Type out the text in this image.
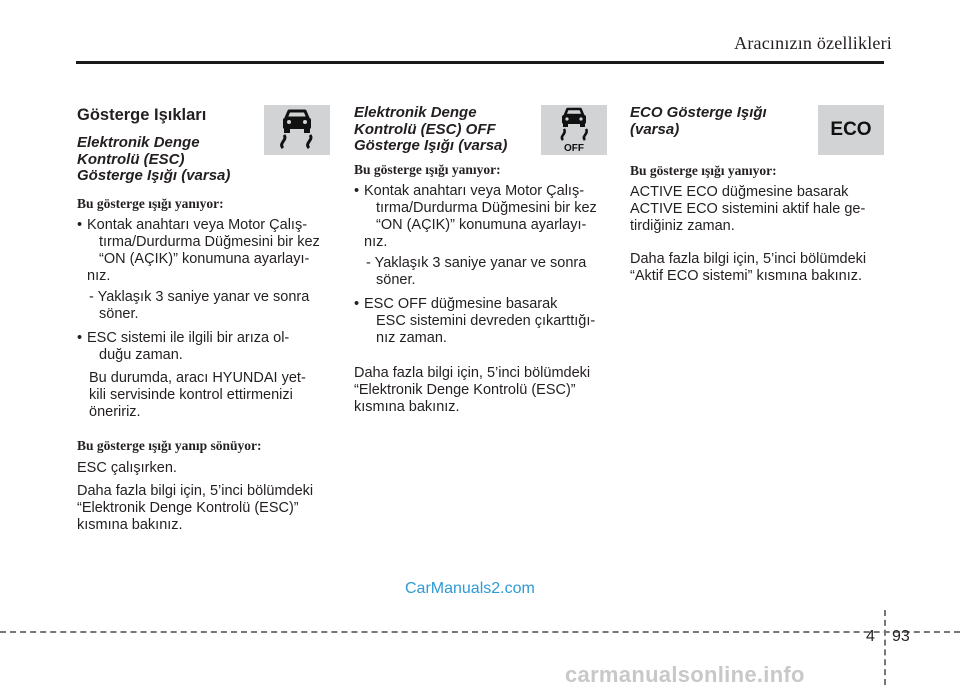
Aracınızın özellikleri
OFF
ECO
Gösterge Işıkları
Elektronik Denge
Kontrolü (ESC)
Gösterge Işığı (varsa)
Bu gösterge ışığı yanıyor:
• Kontak anahtarı veya Motor Çalış-
tırma/Durdurma Düğmesini bir kez
“ON (AÇIK)” konumuna ayarlayı-
nız.
- Yaklaşık 3 saniye yanar ve sonra
söner.
• ESC sistemi ile ilgili bir arıza ol-
duğu zaman.
Bu durumda, aracı HYUNDAI yet-
kili servisinde kontrol ettirmenizi
öneririz.
Bu gösterge ışığı yanıp sönüyor:

ESC çalışırken.

Daha fazla bilgi için, 5’inci bölümdeki
“Elektronik Denge Kontrolü (ESC)”
kısmına bakınız.
Elektronik Denge
Kontrolü (ESC) OFF
Gösterge Işığı (varsa)
Bu gösterge ışığı yanıyor:
• Kontak anahtarı veya Motor Çalış-
tırma/Durdurma Düğmesini bir kez
“ON (AÇIK)” konumuna ayarlayı-
nız.
- Yaklaşık 3 saniye yanar ve sonra
söner.
• ESC OFF düğmesine basarak
ESC sistemini devreden çıkarttığı-
nız zaman.
Daha fazla bilgi için, 5’inci bölümdeki
“Elektronik Denge Kontrolü (ESC)”
kısmına bakınız.
ECO Gösterge Işığı
(varsa)
Bu gösterge ışığı yanıyor:
ACTIVE ECO düğmesine basarak
ACTIVE ECO sistemini aktif hale ge-
tirdiğiniz zaman.
Daha fazla bilgi için, 5’inci bölümdeki
“Aktif ECO sistemi” kısmına bakınız.
CarManuals2.com
4 93
carmanualsonline.info
